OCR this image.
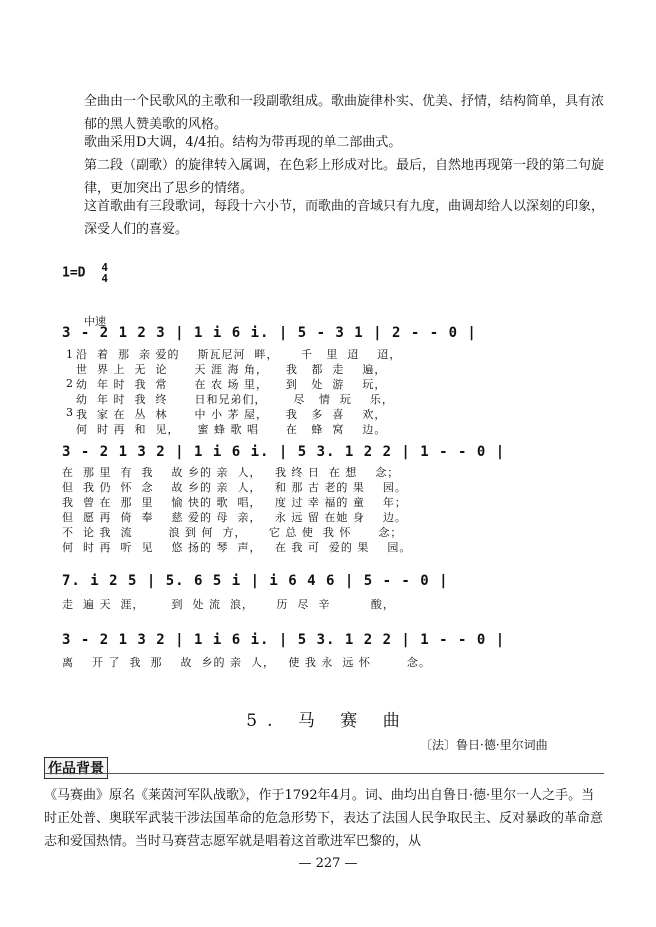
全曲由一个民歌风的主歌和一段副歌组成。歌曲旋律朴实、优美、抒情，结构简单，具有浓郁的黑人赞美歌的风格。
歌曲采用D大调，4/4拍。结构为带再现的单二部曲式。
第二段（副歌）的旋律转入属调，在色彩上形成对比。最后，自然地再现第一段的第二句旋律，更加突出了思乡的情绪。
这首歌曲有三段歌词，每段十六小节，而歌曲的音域只有九度，曲调却给人以深刻的印象，深受人们的喜爱。
1=D 4
4
中速
3 - 2 1 2 3 | 1 i 6 i. | 5 - 3 1 | 2 - - 0 |
1
2
3
沿  着  那  亲 爱的    斯瓦尼河  畔，     千   里  迢    迢，
世  界 上  无  论      天 涯 海 角，    我   都  走    遍，
幼  年 时  我  常      在 农 场 里，    到   处  游    玩，
幼  年 时  我  终      日和兄弟们，      尽   情  玩    乐，
我  家 在  丛  林      中 小 茅 屋，    我   多  喜    欢，
何  时 再  和  见，    蜜 蜂 歌 唱      在   蜂  窝    边。
3 - 2 1 3 2 | 1 i 6 i. | 5 3. 1 2 2 | 1 - - 0 |
在  那 里  有  我    故 乡的 亲  人，   我 终 日  在 想    念；
但  我 仍  怀  念    故 乡的 亲  人，   和 那 古 老的 果    园。
我  曾 在  那  里    愉 快的 歌  唱，   度 过 幸 福的 童    年；
但  愿 再  倚  奉    慈 爱的 母  亲，   永 远 留 在她 身    边。
不  论 我  流        浪 到 何  方，     它 总 使  我 怀      念；
何  时 再  听  见    悠 扬的 琴  声，   在 我 可  爱的 果    园。
7. i 2 5 | 5. 6 5 i | i 6 4 6 | 5 - - 0 |
走  遍 天  涯，      到  处 流  浪，     历  尽  辛         酸，
3 - 2 1 3 2 | 1 i 6 i. | 5 3. 1 2 2 | 1 - - 0 |
离    开 了  我  那    故  乡的 亲  人，   使 我 永  远 怀        念。
5. 马 赛 曲
〔法〕鲁日·德·里尔词曲
作品背景
《马赛曲》原名《莱茵河军队战歌》，作于1792年4月。词、曲均出自鲁日·德·里尔一人之手。当时正处普、奥联军武装干涉法国革命的危急形势下，表达了法国人民争取民主、反对暴政的革命意志和爱国热情。当时马赛营志愿军就是唱着这首歌进军巴黎的，从
— 227 —
